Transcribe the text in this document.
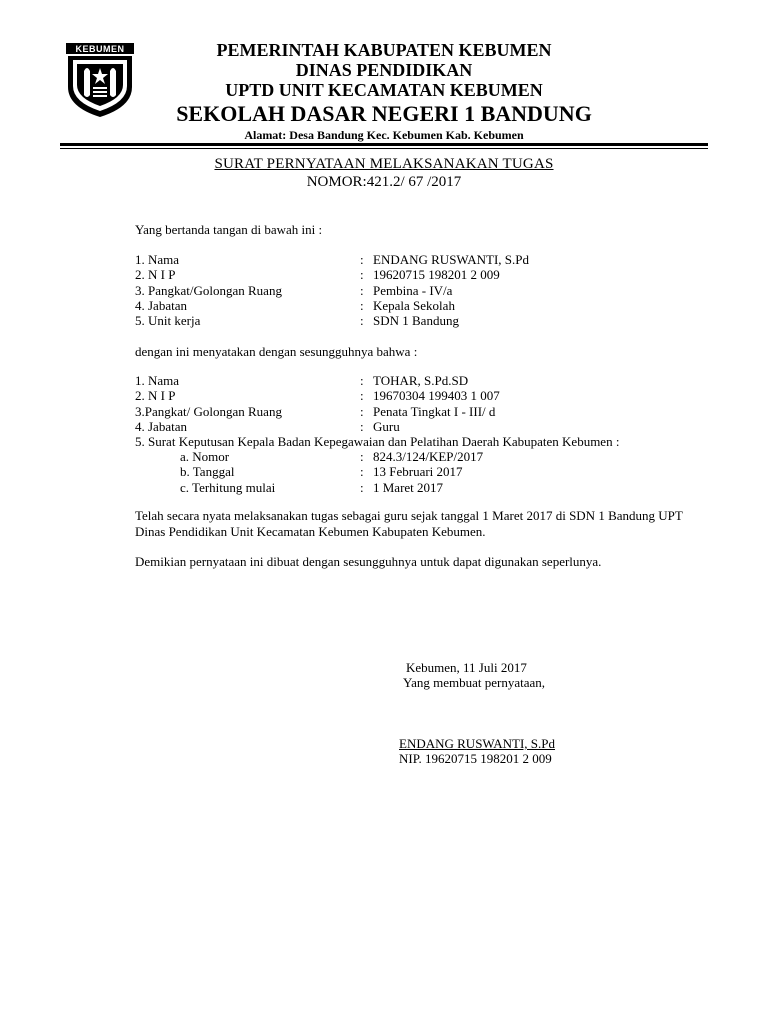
KEBUMEN	PEMERINTAH KABUPATEN KEBUMEN
DINAS PENDIDIKAN
UPTD UNIT KECAMATAN KEBUMEN
SEKOLAH DASAR NEGERI 1 BANDUNG
Alamat: Desa Bandung Kec. Kebumen Kab. Kebumen
SURAT PERNYATAAN MELAKSANAKAN TUGAS
NOMOR:421.2/ 67 /2017
Yang bertanda tangan di bawah ini :
1. Nama	: ENDANG RUSWANTI, S.Pd
2. N I P	: 19620715 198201 2 009
3. Pangkat/Golongan Ruang	: Pembina - IV/a
4. Jabatan	: Kepala Sekolah
5. Unit kerja	: SDN 1 Bandung
dengan ini menyatakan dengan sesungguhnya bahwa :
1. Nama	: TOHAR, S.Pd.SD
2. N I P	: 19670304 199403 1 007
3.Pangkat/ Golongan Ruang	: Penata Tingkat I - III/ d
4. Jabatan	: Guru
5. Surat Keputusan Kepala Badan Kepegawaian dan Pelatihan Daerah Kabupaten Kebumen :
a. Nomor	: 824.3/124/KEP/2017
b. Tanggal	: 13 Februari 2017
c. Terhitung mulai	: 1 Maret 2017
Telah secara nyata melaksanakan tugas sebagai guru sejak tanggal 1 Maret 2017 di SDN 1 Bandung UPT Dinas Pendidikan Unit Kecamatan Kebumen Kabupaten Kebumen.
Demikian pernyataan ini dibuat dengan sesungguhnya untuk dapat digunakan seperlunya.
Kebumen, 11 Juli 2017
Yang membuat pernyataan,
ENDANG RUSWANTI, S.Pd
NIP. 19620715 198201 2 009
